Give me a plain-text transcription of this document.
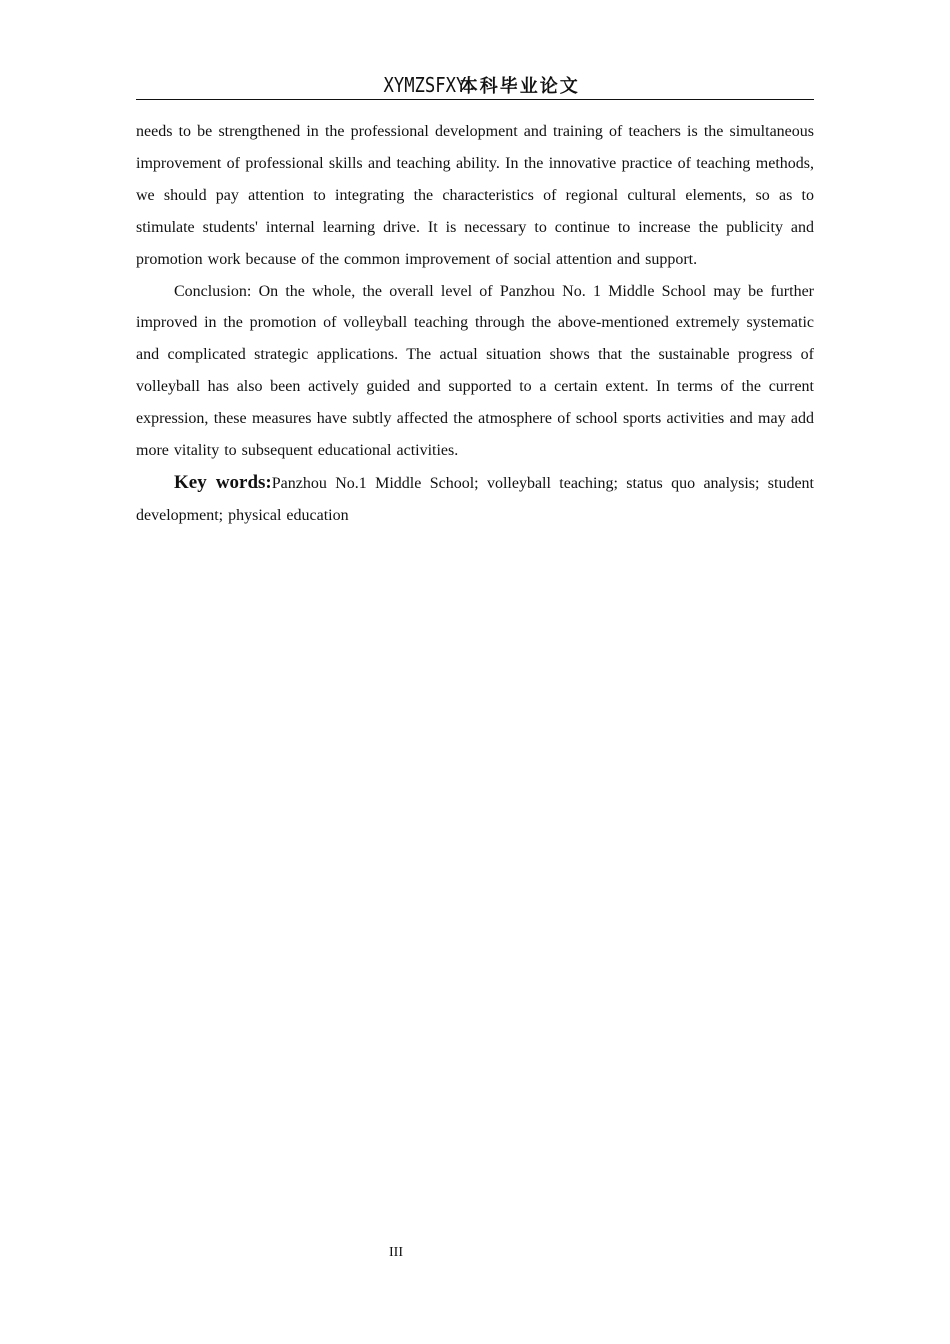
XYMZSFXY 本科毕业论文

needs to be strengthened in the professional development and training of teachers is the simultaneous improvement of professional skills and teaching ability. In the innovative practice of teaching methods, we should pay attention to integrating the characteristics of regional cultural elements, so as to stimulate students' internal learning drive. It is necessary to continue to increase the publicity and promotion work because of the common improvement of social attention and support.

Conclusion: On the whole, the overall level of Panzhou No. 1 Middle School may be further improved in the promotion of volleyball teaching through the above-mentioned extremely systematic and complicated strategic applications. The actual situation shows that the sustainable progress of volleyball has also been actively guided and supported to a certain extent. In terms of the current expression, these measures have subtly affected the atmosphere of school sports activities and may add more vitality to subsequent educational activities.

Key words:Panzhou No.1 Middle School; volleyball teaching; status quo analysis; student development; physical education

III
